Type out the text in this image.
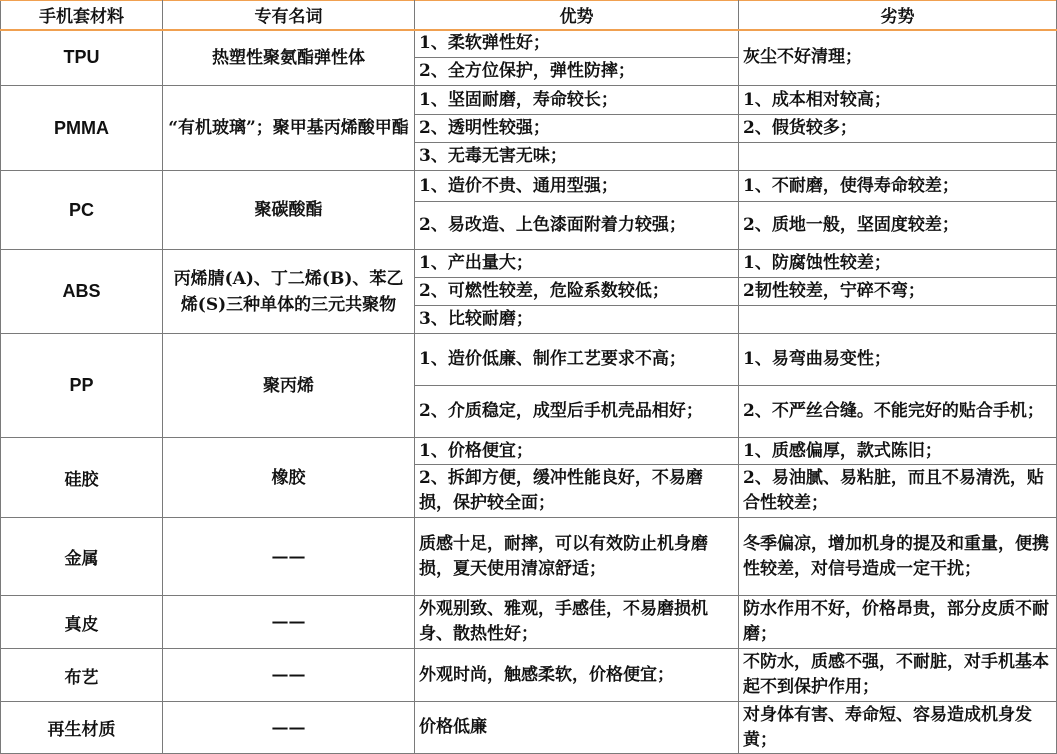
手机套材料	专有名词	优势	劣势
TPU	热塑性聚氨酯弹性体	1、柔软弹性好；	灰尘不好清理；
		2、全方位保护，弹性防摔；	
PMMA	“有机玻璃”；聚甲基丙烯酸甲酯	1、坚固耐磨，寿命较长；	1、成本相对较高；
		2、透明性较强；	2、假货较多；
		3、无毒无害无味；	
PC	聚碳酸酯	1、造价不贵、通用型强；	1、不耐磨，使得寿命较差；
		2、易改造、上色漆面附着力较强；	2、质地一般，坚固度较差；
ABS	丙烯腈(A)、丁二烯(B)、苯乙烯(S)三种单体的三元共聚物	1、产出量大；	1、防腐蚀性较差；
		2、可燃性较差，危险系数较低；	2韧性较差，宁碎不弯；
		3、比较耐磨；	
PP	聚丙烯	1、造价低廉、制作工艺要求不高；	1、易弯曲易变性；
		2、介质稳定，成型后手机壳品相好；	2、不严丝合缝。不能完好的贴合手机；
硅胶	橡胶	1、价格便宜；	1、质感偏厚，款式陈旧；
		2、拆卸方便，缓冲性能良好，不易磨损，保护较全面；	2、易油腻、易粘脏，而且不易清洗，贴合性较差；
金属	——	质感十足，耐摔，可以有效防止机身磨损，夏天使用清凉舒适；	冬季偏凉，增加机身的提及和重量，便携性较差，对信号造成一定干扰；
真皮	——	外观别致、雅观，手感佳，不易磨损机身、散热性好；	防水作用不好，价格昂贵，部分皮质不耐磨；
布艺	——	外观时尚，触感柔软，价格便宜；	不防水，质感不强，不耐脏，对手机基本起不到保护作用；
再生材质	——	价格低廉	对身体有害、寿命短、容易造成机身发黄；
